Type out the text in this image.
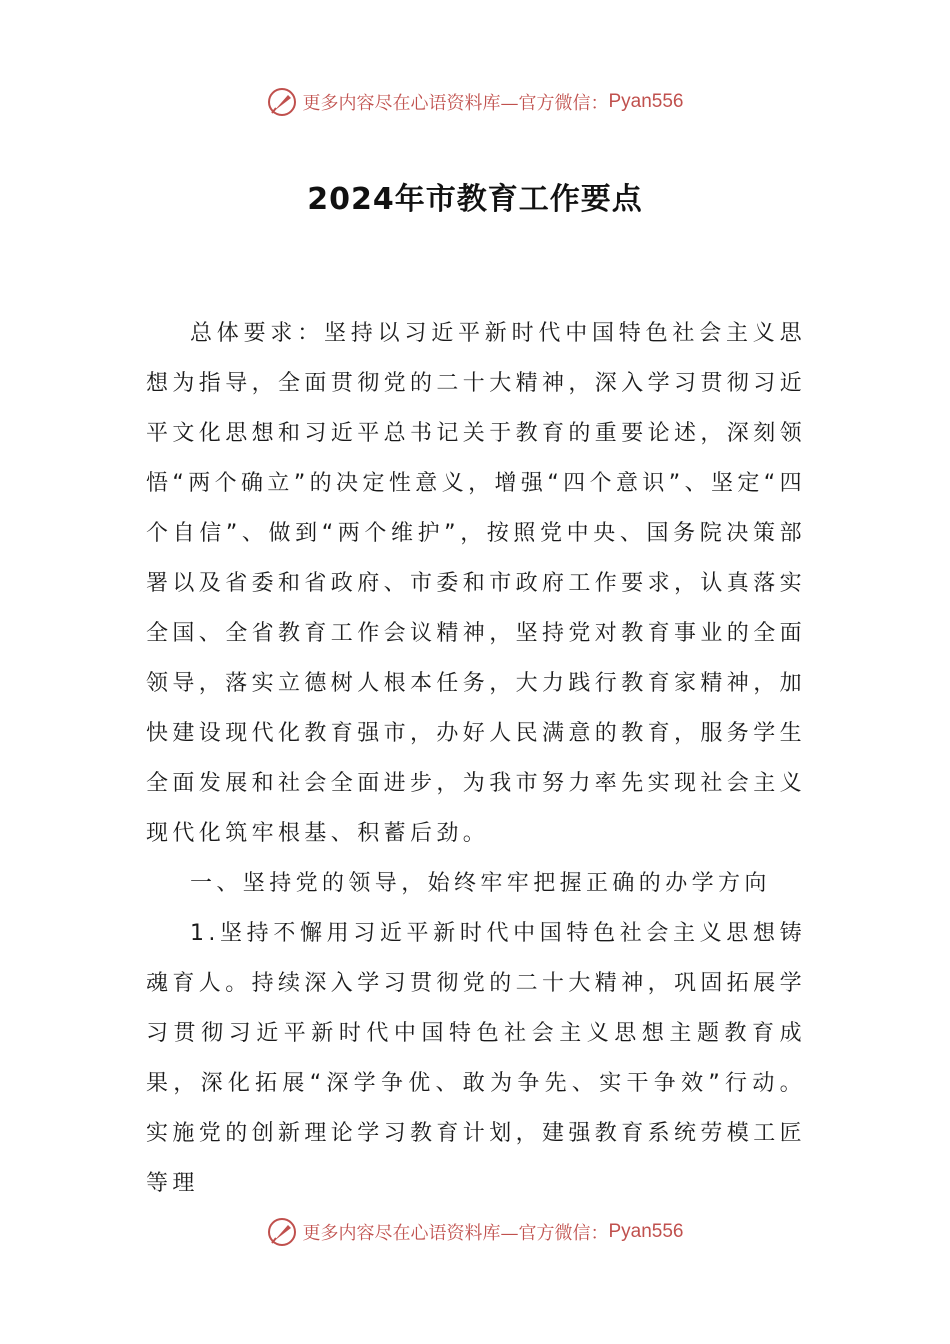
更多内容尽在心语资料库—官方微信： Pyan556
2024年市教育工作要点

总体要求：坚持以习近平新时代中国特色社会主义思想为指导，全面贯彻党的二十大精神，深入学习贯彻习近平文化思想和习近平总书记关于教育的重要论述，深刻领悟“两个确立”的决定性意义，增强“四个意识”、坚定“四个自信”、做到“两个维护”，按照党中央、国务院决策部署以及省委和省政府、市委和市政府工作要求，认真落实全国、全省教育工作会议精神，坚持党对教育事业的全面领导，落实立德树人根本任务，大力践行教育家精神，加快建设现代化教育强市，办好人民满意的教育，服务学生全面发展和社会全面进步，为我市努力率先实现社会主义现代化筑牢根基、积蓄后劲。

一、坚持党的领导，始终牢牢把握正确的办学方向

1.坚持不懈用习近平新时代中国特色社会主义思想铸魂育人。持续深入学习贯彻党的二十大精神，巩固拓展学习贯彻习近平新时代中国特色社会主义思想主题教育成果，深化拓展“深学争优、敢为争先、实干争效”行动。实施党的创新理论学习教育计划，建强教育系统劳模工匠等理

更多内容尽在心语资料库—官方微信： Pyan556
